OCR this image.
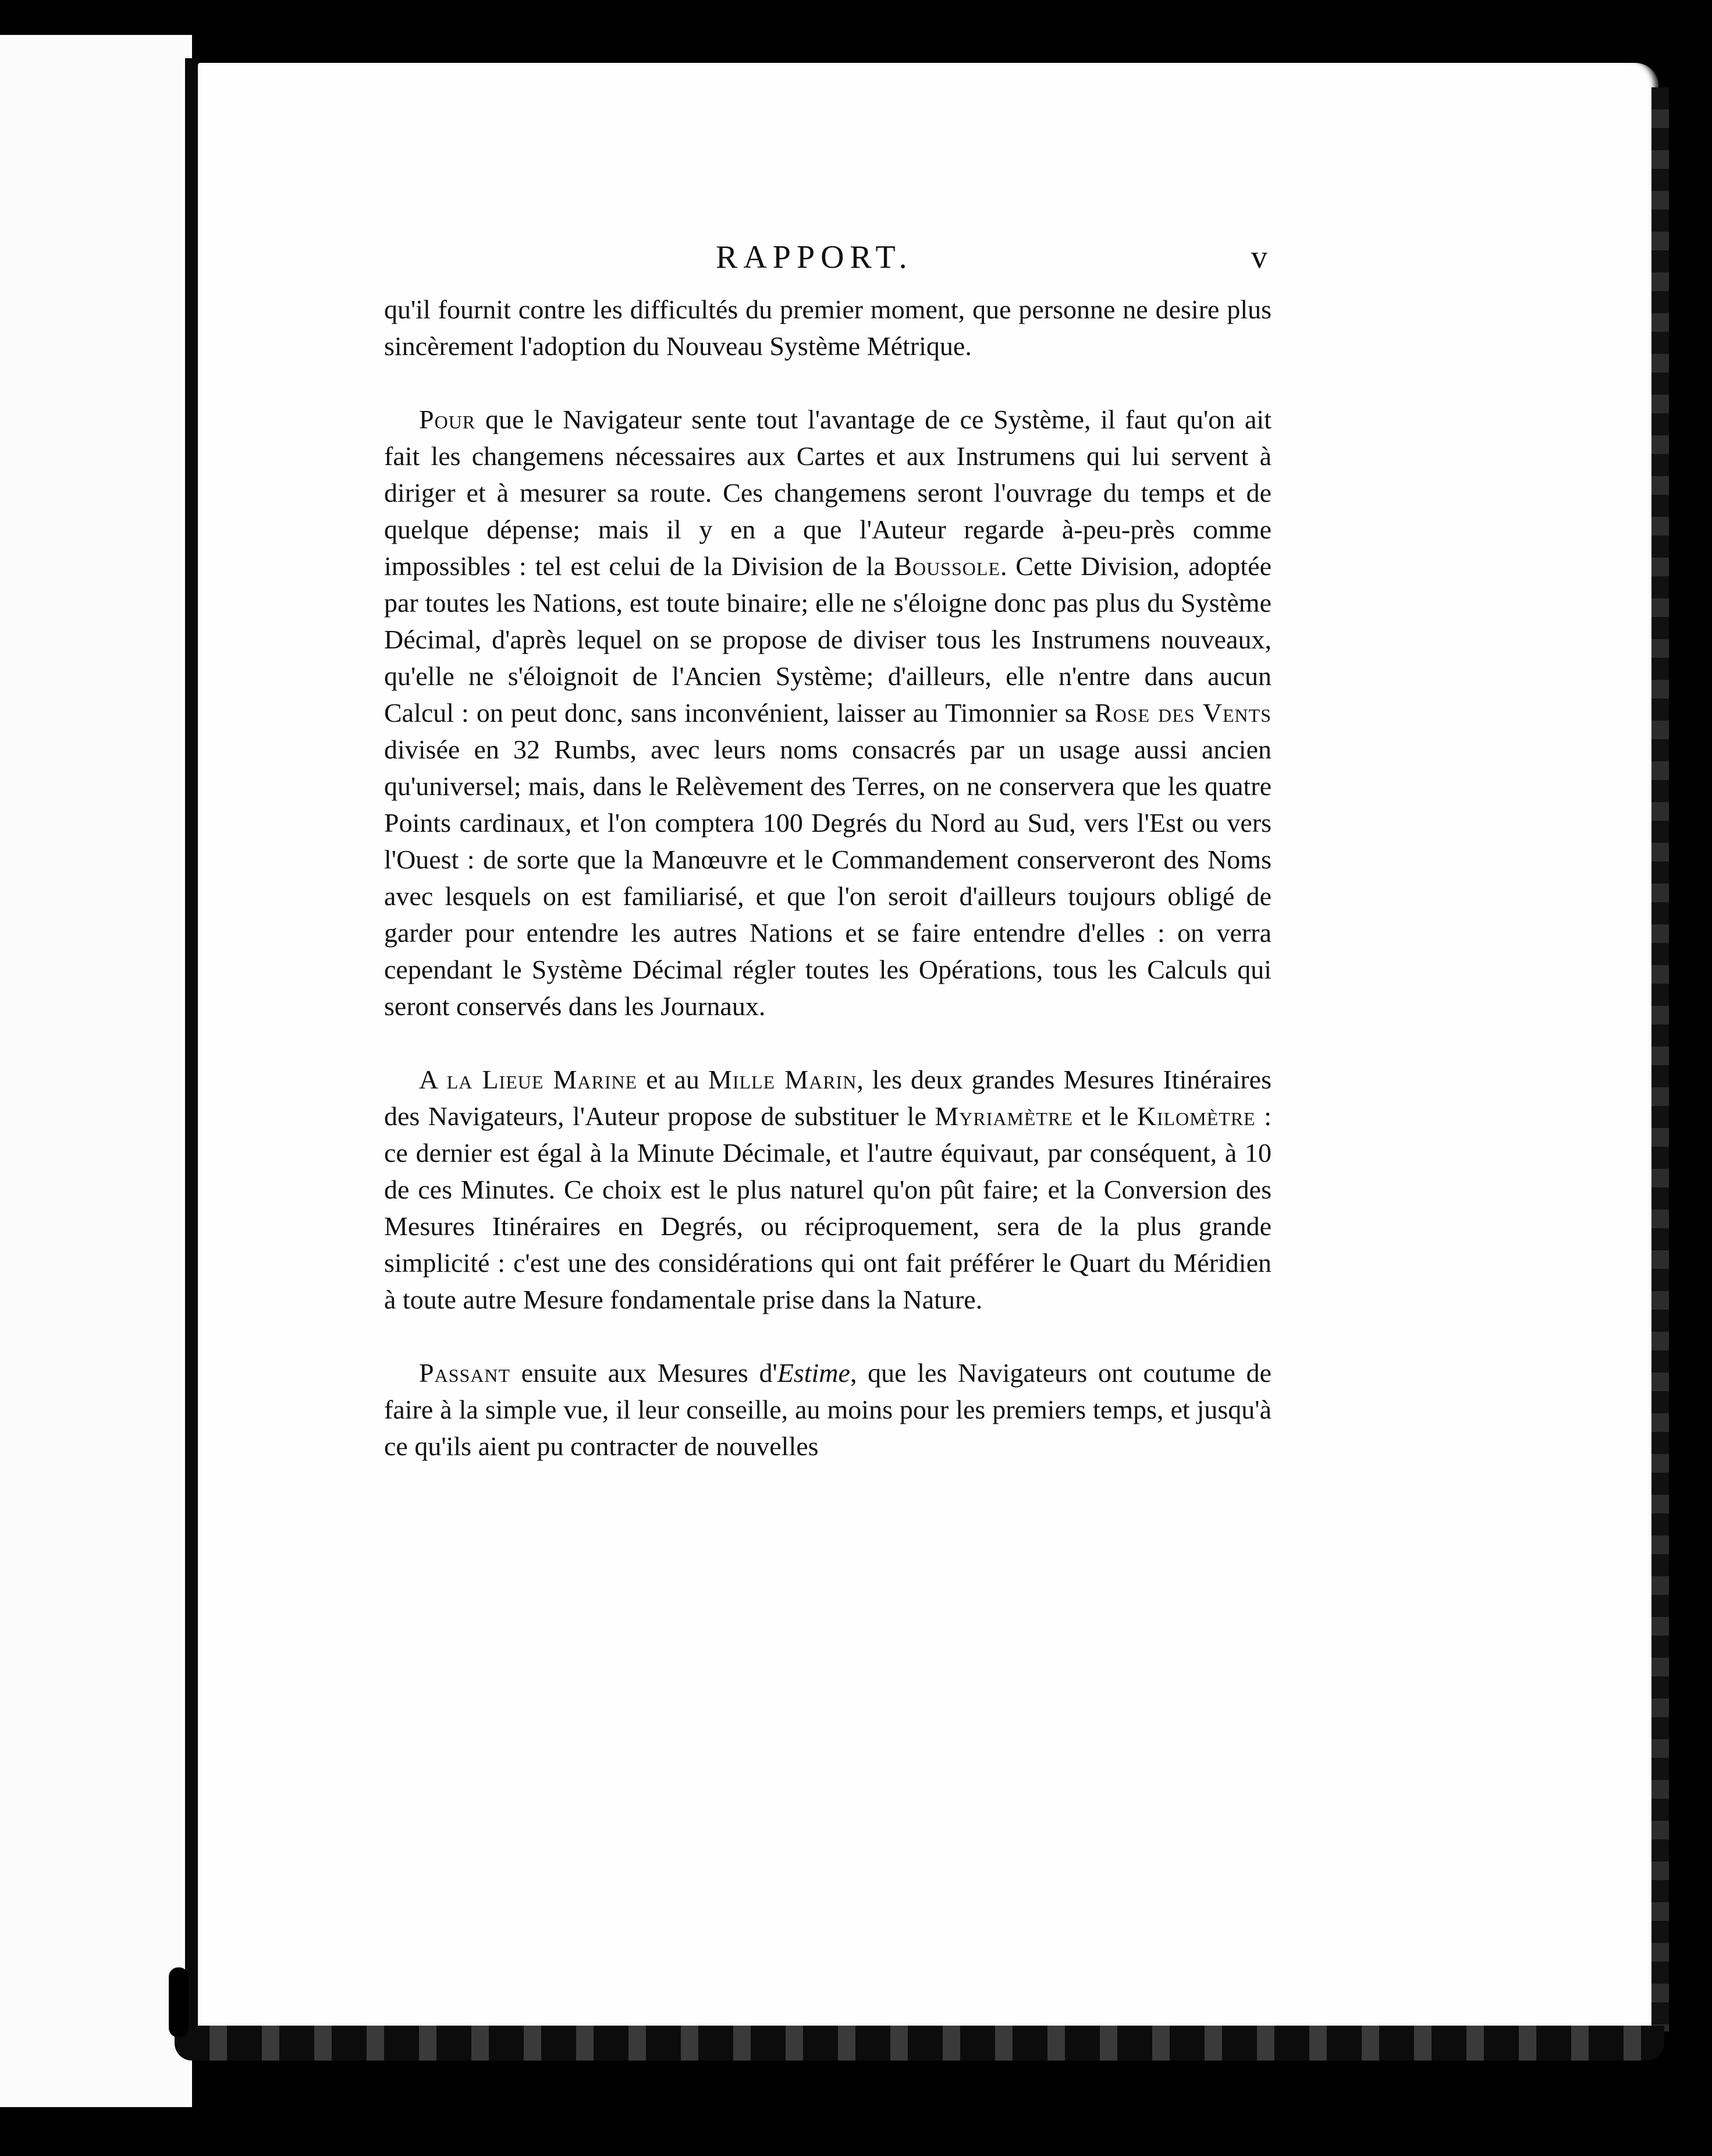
RAPPORT.	v

qu'il fournit contre les difficultés du premier moment, que personne ne desire plus sincèrement l'adoption du Nouveau Système Métrique.

Pour que le Navigateur sente tout l'avantage de ce Système, il faut qu'on ait fait les changemens nécessaires aux Cartes et aux Instrumens qui lui servent à diriger et à mesurer sa route. Ces changemens seront l'ouvrage du temps et de quelque dépense; mais il y en a que l'Auteur regarde à-peu-près comme impossibles : tel est celui de la Division de la Boussole. Cette Division, adoptée par toutes les Nations, est toute binaire; elle ne s'éloigne donc pas plus du Système Décimal, d'après lequel on se propose de diviser tous les Instrumens nouveaux, qu'elle ne s'éloignoit de l'Ancien Système; d'ailleurs, elle n'entre dans aucun Calcul : on peut donc, sans inconvénient, laisser au Timonnier sa Rose des Vents divisée en 32 Rumbs, avec leurs noms consacrés par un usage aussi ancien qu'universel; mais, dans le Relèvement des Terres, on ne conservera que les quatre Points cardinaux, et l'on comptera 100 Degrés du Nord au Sud, vers l'Est ou vers l'Ouest : de sorte que la Manœuvre et le Commandement conserveront des Noms avec lesquels on est familiarisé, et que l'on seroit d'ailleurs toujours obligé de garder pour entendre les autres Nations et se faire entendre d'elles : on verra cependant le Système Décimal régler toutes les Opérations, tous les Calculs qui seront conservés dans les Journaux.

A la Lieue Marine et au Mille Marin, les deux grandes Mesures Itinéraires des Navigateurs, l'Auteur propose de substituer le Myriamètre et le Kilomètre : ce dernier est égal à la Minute Décimale, et l'autre équivaut, par conséquent, à 10 de ces Minutes. Ce choix est le plus naturel qu'on pût faire; et la Conversion des Mesures Itinéraires en Degrés, ou réciproquement, sera de la plus grande simplicité : c'est une des considérations qui ont fait préférer le Quart du Méridien à toute autre Mesure fondamentale prise dans la Nature.

Passant ensuite aux Mesures d'Estime, que les Navigateurs ont coutume de faire à la simple vue, il leur conseille, au moins pour les premiers temps, et jusqu'à ce qu'ils aient pu contracter de nouvelles
